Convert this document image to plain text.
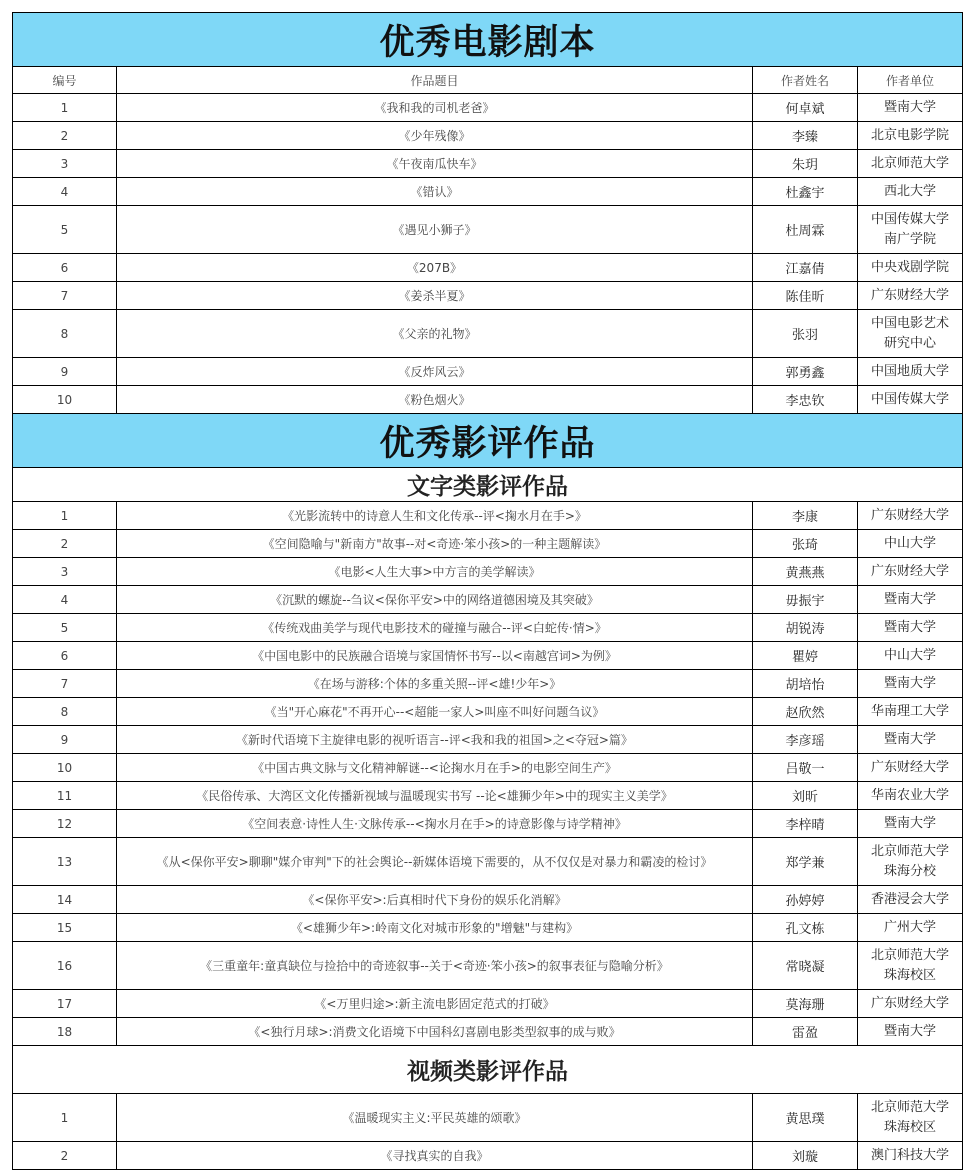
优秀电影剧本			
编号	作品题目	作者姓名	作者单位
1	《我和我的司机老爸》	何卓斌	暨南大学

2	《少年残像》	李臻	北京电影学院

3	《午夜南瓜快车》	朱玥	北京师范大学

4	《错认》	杜鑫宇	西北大学

5	《遇见小狮子》	杜周霖	中国传媒大学
南广学院

6	《207B》	江嘉倩	中央戏剧学院

7	《姜杀半夏》	陈佳昕	广东财经大学

8	《父亲的礼物》	张羽	中国电影艺术
研究中心

9	《反炸风云》	郭勇鑫	中国地质大学

10	《粉色烟火》	李忠钦	中国传媒大学

优秀影评作品			
文字类影评作品			
1	《光影流转中的诗意人生和文化传承--评<掬水月在手>》	李康	广东财经大学

2	《空间隐喻与"新南方"故事--对<奇迹·笨小孩>的一种主题解读》	张琦	中山大学

3	《电影<人生大事>中方言的美学解读》	黄燕燕	广东财经大学

4	《沉默的螺旋--刍议<保你平安>中的网络道德困境及其突破》	毋振宇	暨南大学

5	《传统戏曲美学与现代电影技术的碰撞与融合--评<白蛇传·情>》	胡锐涛	暨南大学

6	《中国电影中的民族融合语境与家国情怀书写--以<南越宫词>为例》	瞿婷	中山大学

7	《在场与游移:个体的多重关照--评<雄!少年>》	胡培怡	暨南大学

8	《当"开心麻花"不再开心--<超能一家人>叫座不叫好问题刍议》	赵欣然	华南理工大学

9	《新时代语境下主旋律电影的视听语言--评<我和我的祖国>之<夺冠>篇》	李彦瑶	暨南大学

10	《中国古典文脉与文化精神解谜--<论掬水月在手>的电影空间生产》	吕敬一	广东财经大学

11	《民俗传承、大湾区文化传播新视域与温暖现实书写 --论<雄狮少年>中的现实主义美学》	刘昕	华南农业大学

12	《空间表意·诗性人生·文脉传承--<掬水月在手>的诗意影像与诗学精神》	李梓晴	暨南大学

13	《从<保你平安>聊聊"媒介审判"下的社会舆论--新媒体语境下需要的，从不仅仅是对暴力和霸凌的检讨》	郑学兼	北京师范大学
珠海分校

14	《<保你平安>:后真相时代下身份的娱乐化消解》	孙婷婷	香港浸会大学

15	《<雄狮少年>:岭南文化对城市形象的"增魅"与建构》	孔文栋	广州大学

16	《三重童年:童真缺位与捡拾中的奇迹叙事--关于<奇迹·笨小孩>的叙事表征与隐喻分析》	常晓凝	北京师范大学
珠海校区

17	《<万里归途>:新主流电影固定范式的打破》	莫海珊	广东财经大学

18	《<独行月球>:消费文化语境下中国科幻喜剧电影类型叙事的成与败》	雷盈	暨南大学

视频类影评作品			
1	《温暖现实主义:平民英雄的颂歌》	黄思璞	北京师范大学
珠海校区

2	《寻找真实的自我》	刘璇	澳门科技大学
